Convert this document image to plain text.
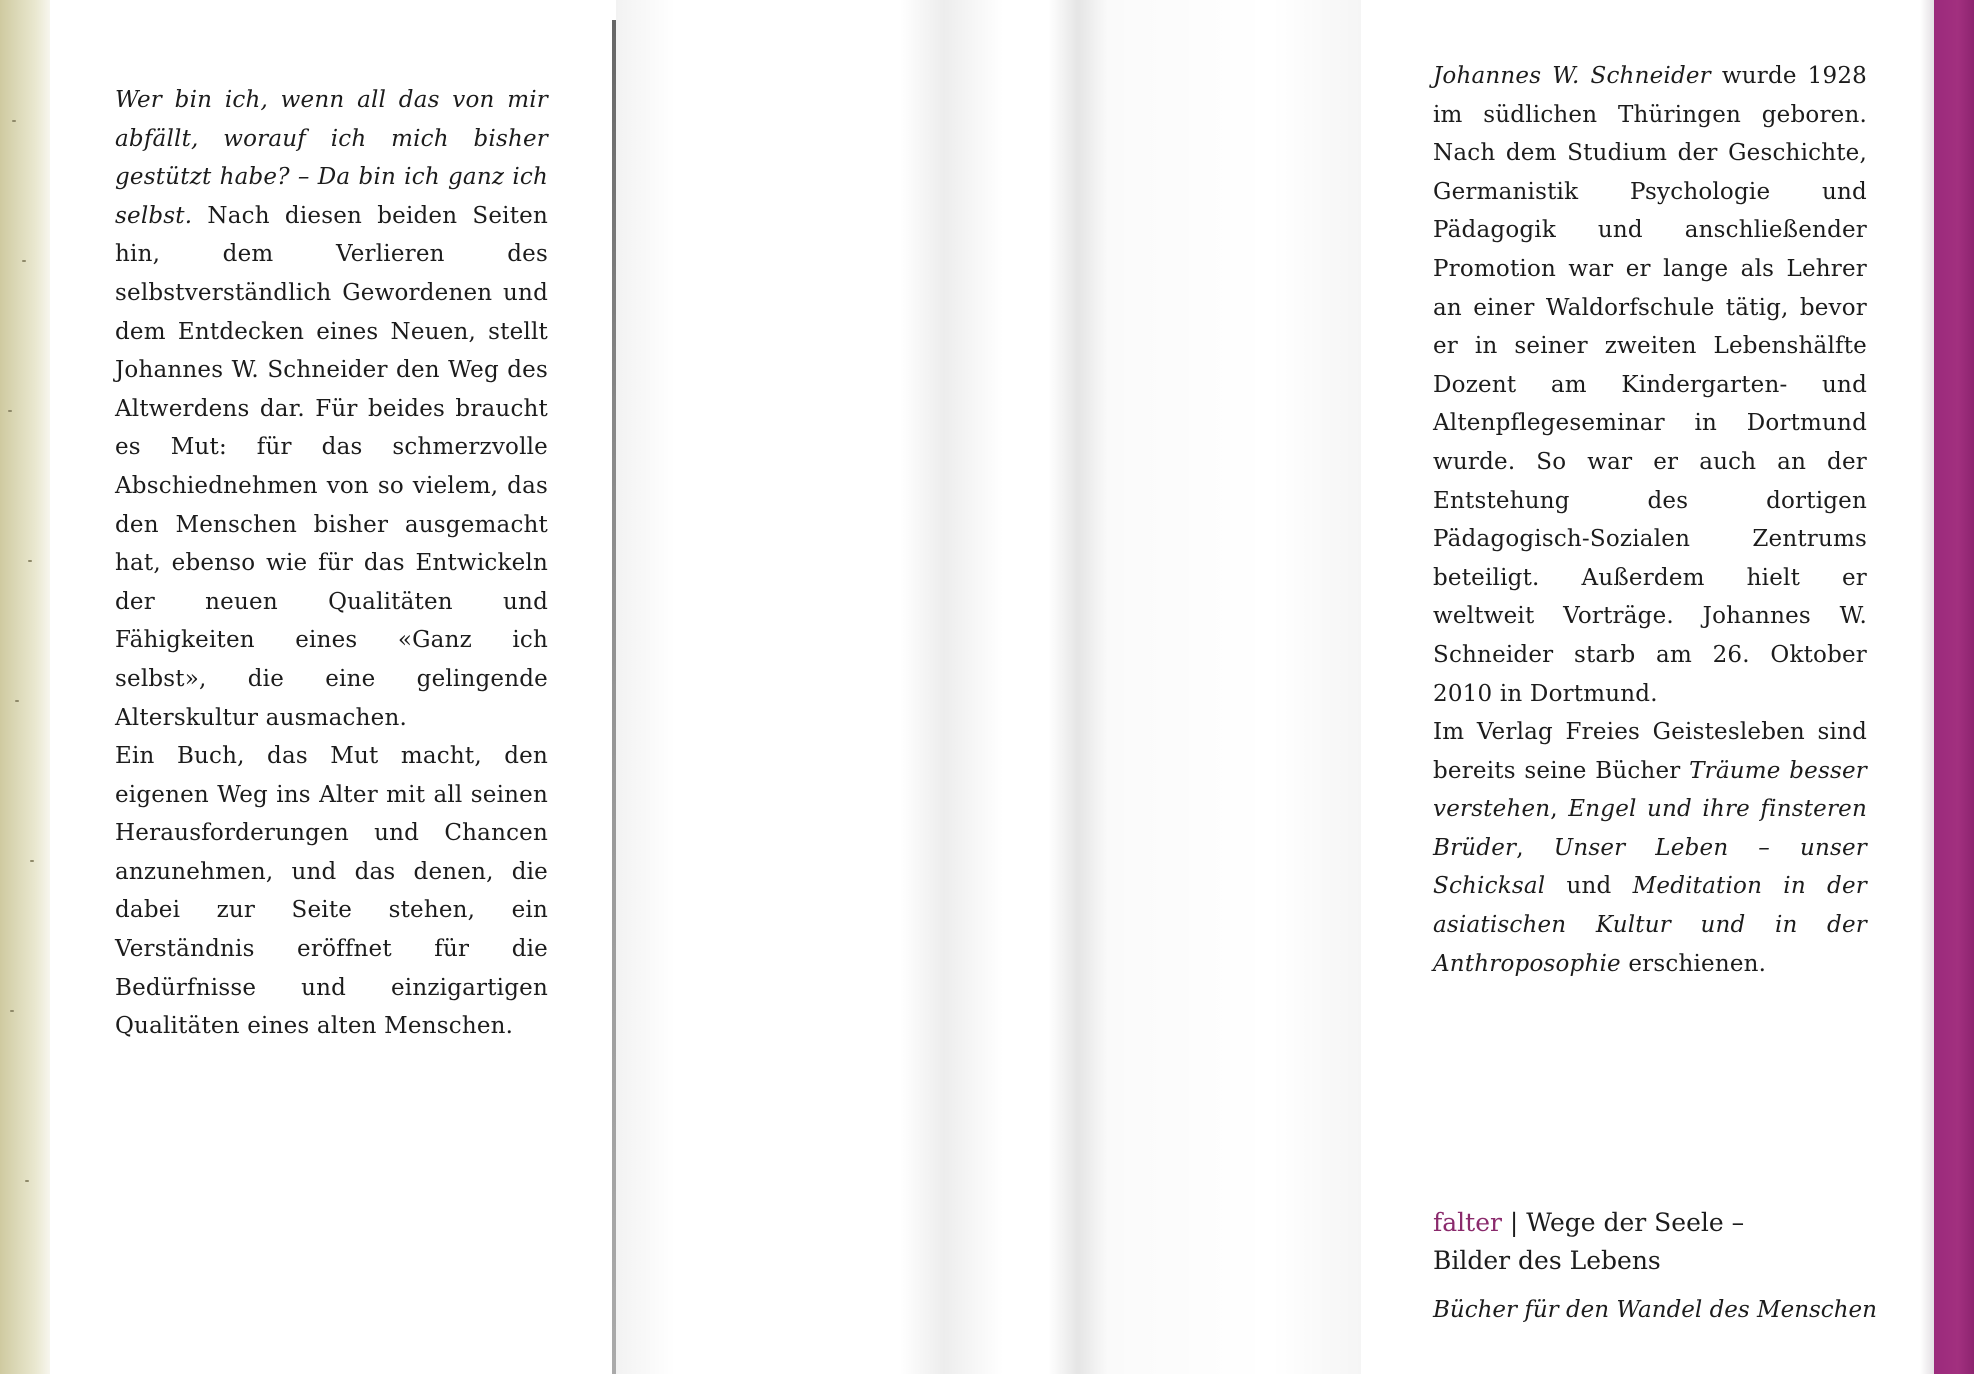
Wer bin ich, wenn all das von mir abfällt, worauf ich mich bisher gestützt habe? – Da bin ich ganz ich selbst. Nach diesen beiden Seiten hin, dem Verlieren des selbstverständlich Gewordenen und dem Entdecken eines Neuen, stellt Johannes W. Schneider den Weg des Altwerdens dar. Für beides braucht es Mut: für das schmerzvolle Abschiednehmen von so vielem, das den Menschen bisher ausgemacht hat, ebenso wie für das Entwickeln der neuen Qualitäten und Fähigkeiten eines «Ganz ich selbst», die eine gelingende Alterskultur ausmachen.

Ein Buch, das Mut macht, den eigenen Weg ins Alter mit all seinen Herausforderungen und Chancen anzunehmen, und das denen, die dabei zur Seite stehen, ein Verständnis eröffnet für die Bedürfnisse und einzigartigen Qualitäten eines alten Menschen.

Johannes W. Schneider wurde 1928 im südlichen Thüringen geboren. Nach dem Studium der Geschichte, Germanistik Psychologie und Pädagogik und anschließender Promotion war er lange als Lehrer an einer Waldorfschule tätig, bevor er in seiner zweiten Lebenshälfte Dozent am Kindergarten- und Altenpflegeseminar in Dortmund wurde. So war er auch an der Entstehung des dortigen Pädagogisch-Sozialen Zentrums beteiligt. Außerdem hielt er weltweit Vorträge. Johannes W. Schneider starb am 26. Oktober 2010 in Dortmund.

Im Verlag Freies Geistesleben sind bereits seine Bücher Träume besser verstehen, Engel und ihre finsteren Brüder, Unser Leben – unser Schicksal und Meditation in der asiatischen Kultur und in der Anthroposophie erschienen.

falter | Wege der Seele –
Bilder des Lebens
Bücher für den Wandel des Menschen
